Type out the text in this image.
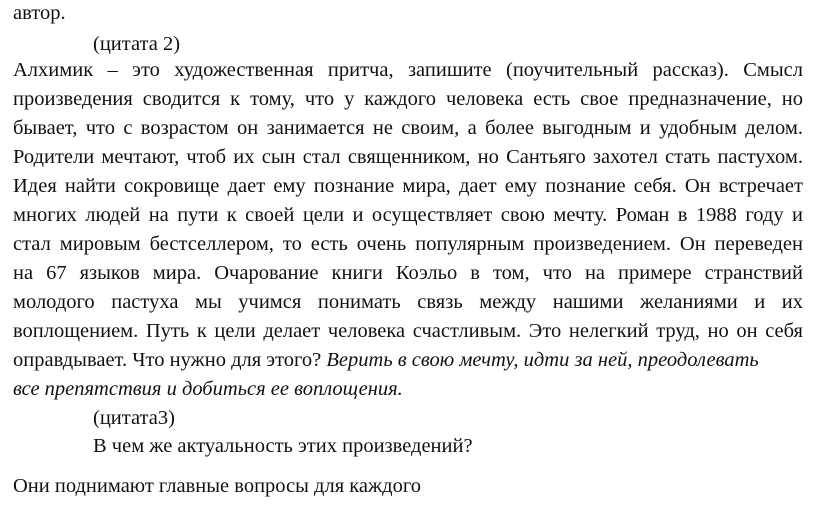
автор.
(цитата 2)
Алхимик – это художественная притча, запишите (поучительный рассказ). Смысл
произведения сводится к тому, что у каждого человека есть свое предназначение, но
бывает, что с возрастом он занимается не своим, а более выгодным и удобным делом.
Родители мечтают, чтоб их сын стал священником, но Сантьяго захотел стать пастухом.
Идея найти сокровище дает ему познание мира, дает ему познание себя. Он встречает
многих людей на пути к своей цели и осуществляет свою мечту. Роман в 1988 году и
стал мировым бестселлером, то есть очень популярным произведением. Он переведен
на 67 языков мира. Очарование книги Коэльо в том, что на примере странствий
молодого пастуха мы учимся понимать связь между нашими желаниями и их
воплощением. Путь к цели делает человека счастливым. Это нелегкий труд, но он себя
оправдывает. Что нужно для этого? Верить в свою мечту, идти за ней, преодолевать
все препятствия и добиться ее воплощения.
(цитата3)
В чем же актуальность этих произведений?
Они поднимают главные вопросы для каждого
